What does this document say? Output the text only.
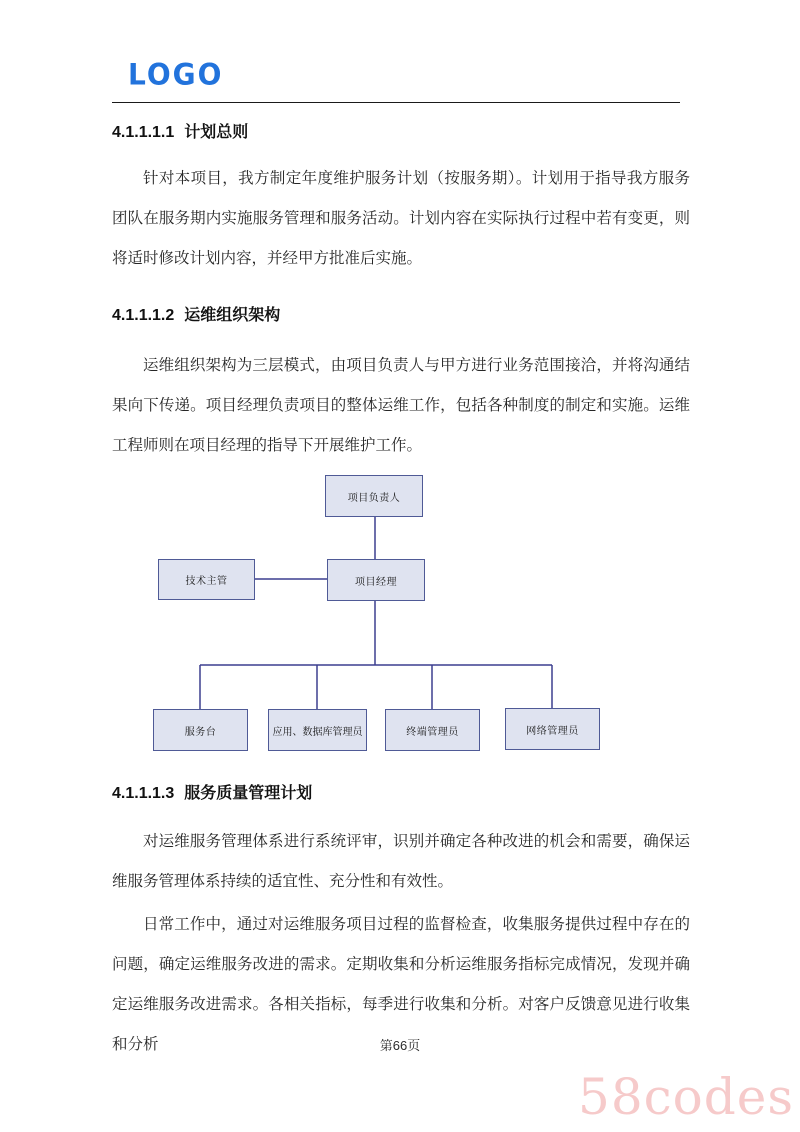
LOGO
4.1.1.1.1 计划总则
针对本项目，我方制定年度维护服务计划（按服务期）。计划用于指导我方服务团队在服务期内实施服务管理和服务活动。计划内容在实际执行过程中若有变更，则将适时修改计划内容，并经甲方批准后实施。
4.1.1.1.2 运维组织架构
运维组织架构为三层模式，由项目负责人与甲方进行业务范围接洽，并将沟通结果向下传递。项目经理负责项目的整体运维工作，包括各种制度的制定和实施。运维工程师则在项目经理的指导下开展维护工作。
项目负责人
技术主管	项目经理
服务台	应用、数据库管理员	终端管理员	网络管理员
4.1.1.1.3 服务质量管理计划
对运维服务管理体系进行系统评审，识别并确定各种改进的机会和需要，确保运维服务管理体系持续的适宜性、充分性和有效性。
日常工作中，通过对运维服务项目过程的监督检查，收集服务提供过程中存在的问题，确定运维服务改进的需求。定期收集和分析运维服务指标完成情况，发现并确定运维服务改进需求。各相关指标，每季进行收集和分析。对客户反馈意见进行收集和分析	第66页
58codes
